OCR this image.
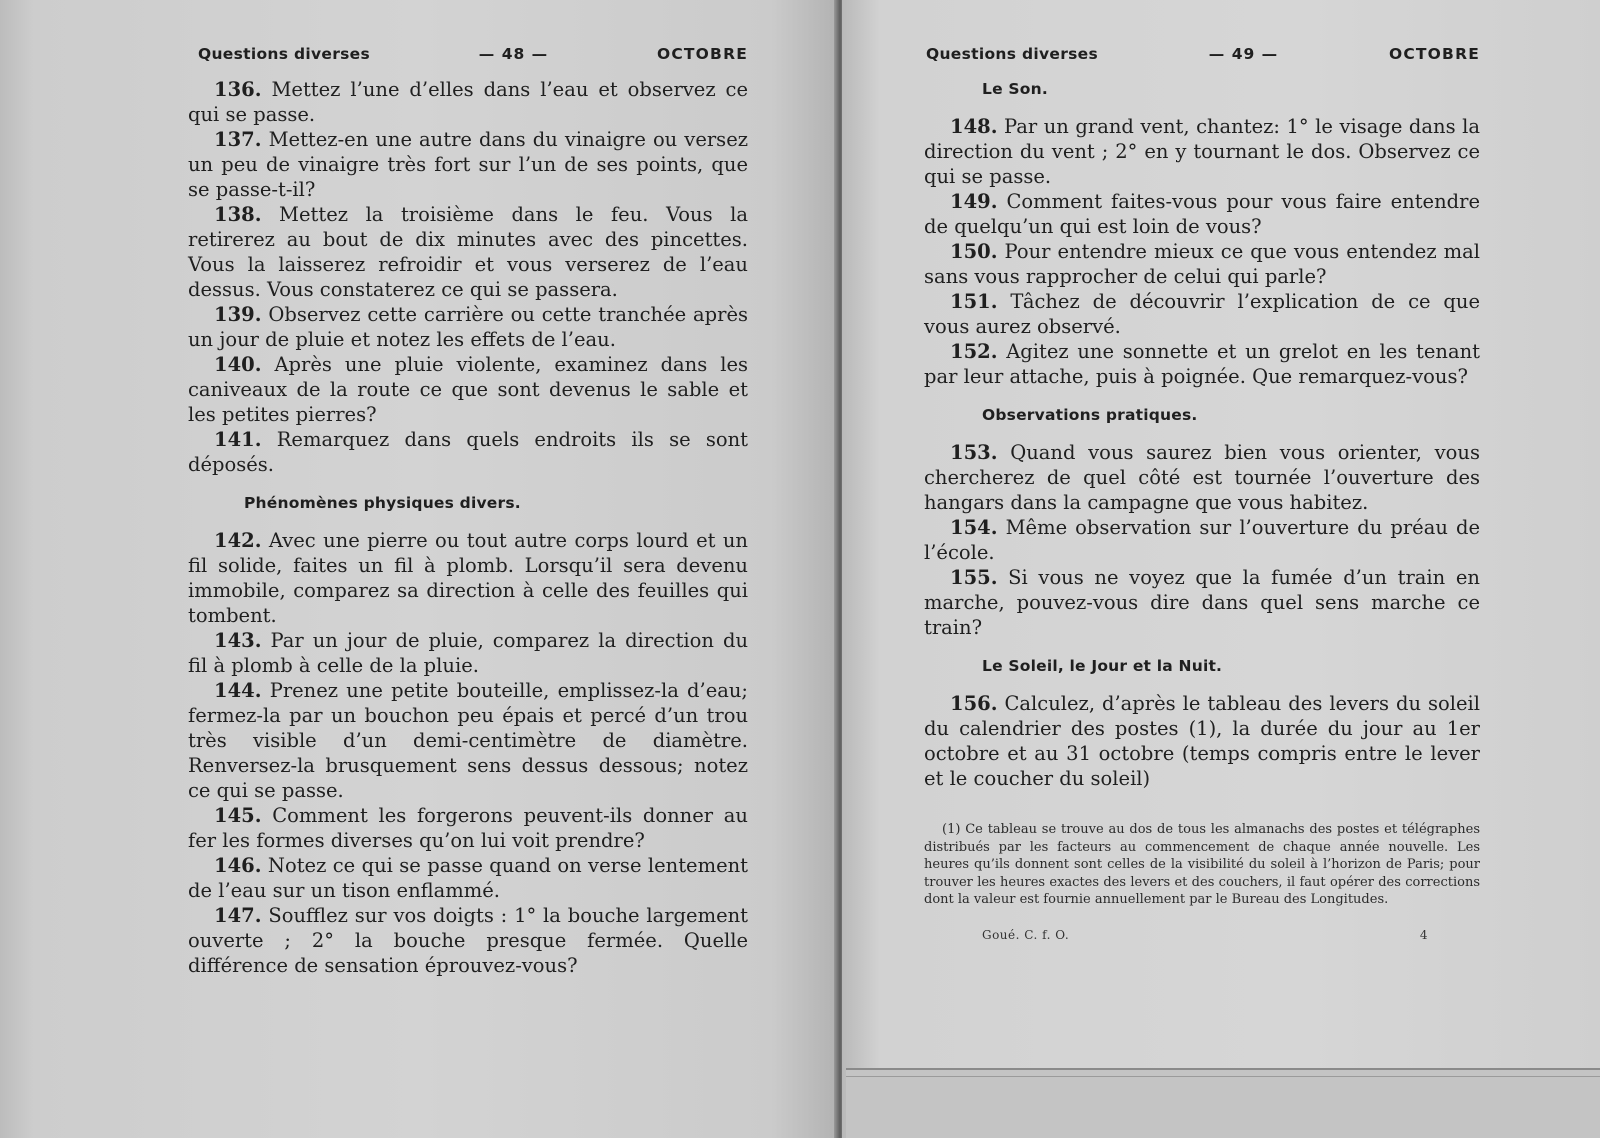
Questions diverses	— 48 —	OCTOBRE

136. Mettez l’une d’elles dans l’eau et observez ce qui se passe.

137. Mettez-en une autre dans du vinaigre ou versez un peu de vinaigre très fort sur l’un de ses points, que se passe-t-il?

138. Mettez la troisième dans le feu. Vous la retirerez au bout de dix minutes avec des pincettes. Vous la laisserez refroidir et vous verserez de l’eau dessus. Vous constaterez ce qui se passera.

139. Observez cette carrière ou cette tranchée après un jour de pluie et notez les effets de l’eau.

140. Après une pluie violente, examinez dans les caniveaux de la route ce que sont devenus le sable et les petites pierres?

141. Remarquez dans quels endroits ils se sont déposés.

Phénomènes physiques divers.

142. Avec une pierre ou tout autre corps lourd et un fil solide, faites un fil à plomb. Lorsqu’il sera devenu immobile, comparez sa direction à celle des feuilles qui tombent.

143. Par un jour de pluie, comparez la direction du fil à plomb à celle de la pluie.

144. Prenez une petite bouteille, emplissez-la d’eau; fermez-la par un bouchon peu épais et percé d’un trou très visible d’un demi-centimètre de diamètre. Renversez-la brusquement sens dessus dessous; notez ce qui se passe.

145. Comment les forgerons peuvent-ils donner au fer les formes diverses qu’on lui voit prendre?

146. Notez ce qui se passe quand on verse lentement de l’eau sur un tison enflammé.

147. Soufflez sur vos doigts : 1° la bouche largement ouverte ; 2° la bouche presque fermée. Quelle différence de sensation éprouvez-vous?

Questions diverses	— 49 —	OCTOBRE
Le Son.

148. Par un grand vent, chantez: 1° le visage dans la direction du vent ; 2° en y tournant le dos. Observez ce qui se passe.

149. Comment faites-vous pour vous faire entendre de quelqu’un qui est loin de vous?

150. Pour entendre mieux ce que vous entendez mal sans vous rapprocher de celui qui parle?

151. Tâchez de découvrir l’explication de ce que vous aurez observé.

152. Agitez une sonnette et un grelot en les tenant par leur attache, puis à poignée. Que remarquez-vous?

Observations pratiques.

153. Quand vous saurez bien vous orienter, vous chercherez de quel côté est tournée l’ouverture des hangars dans la campagne que vous habitez.

154. Même observation sur l’ouverture du préau de l’école.

155. Si vous ne voyez que la fumée d’un train en marche, pouvez-vous dire dans quel sens marche ce train?

Le Soleil, le Jour et la Nuit.

156. Calculez, d’après le tableau des levers du soleil du calendrier des postes (1), la durée du jour au 1er octobre et au 31 octobre (temps compris entre le lever et le coucher du soleil)

(1) Ce tableau se trouve au dos de tous les almanachs des postes et télégraphes distribués par les facteurs au commencement de chaque année nouvelle. Les heures qu’ils donnent sont celles de la visibilité du soleil à l’horizon de Paris; pour trouver les heures exactes des levers et des couchers, il faut opérer des corrections dont la valeur est fournie annuellement par le Bureau des Longitudes.

Goué. C. f. O.	4
